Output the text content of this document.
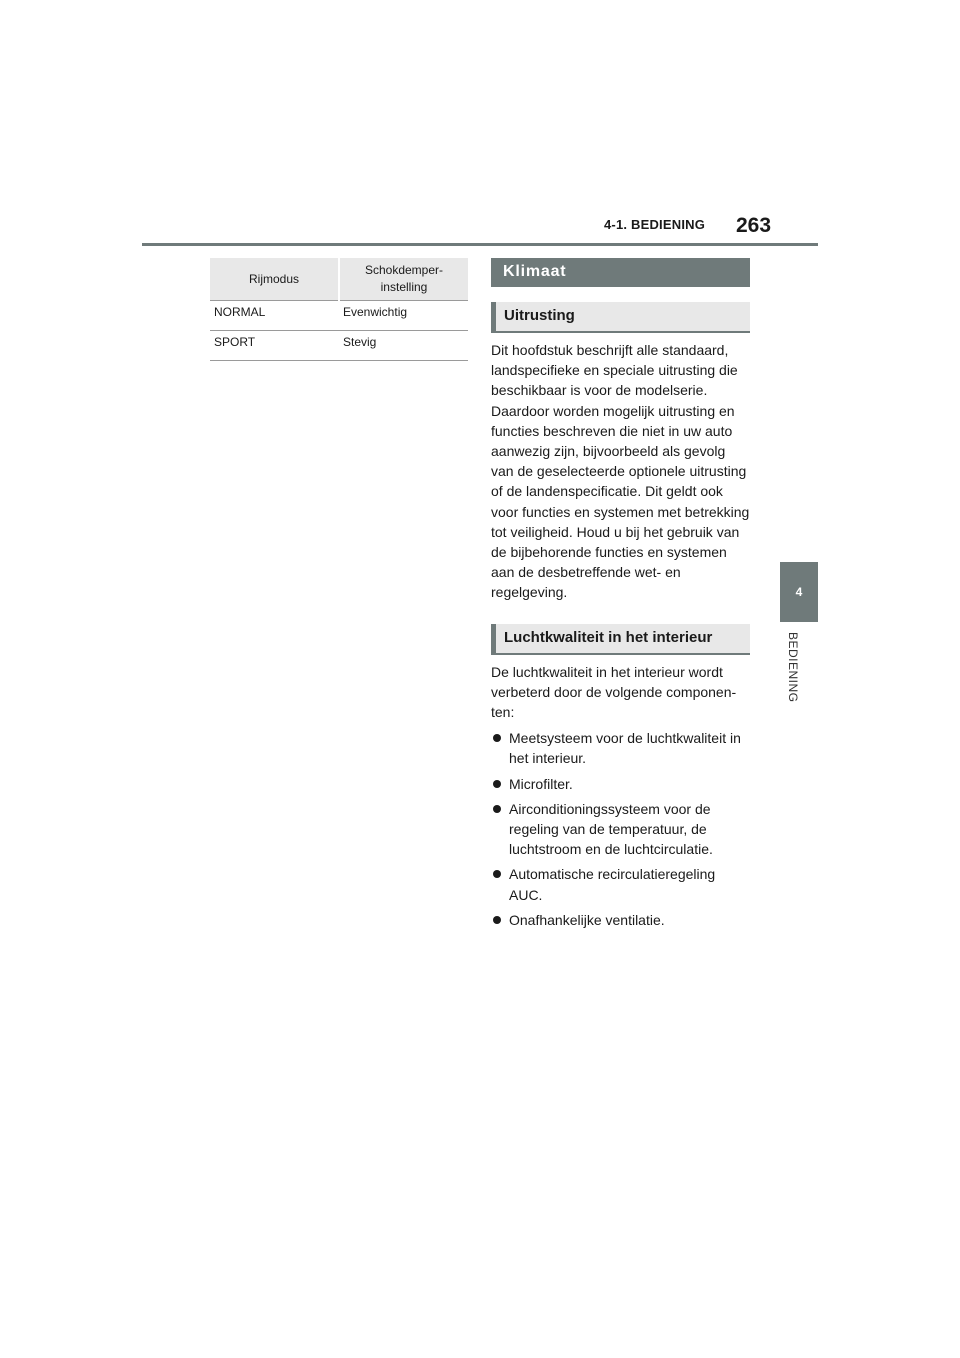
4-1. BEDIENING 263
4
BEDIENING
Rijmodus	Schokdemper-
instelling
NORMAL	Evenwichtig
SPORT	Stevig
Klimaat
Uitrusting

Dit hoofdstuk beschrijft alle standaard, landspecifieke en speciale uitrusting die beschikbaar is voor de modelserie. Daardoor worden mogelijk uitrusting en functies beschreven die niet in uw auto aanwezig zijn, bijvoorbeeld als gevolg van de geselecteerde optionele uitrusting of de landenspecificatie. Dit geldt ook voor functies en systemen met betrekking tot veiligheid. Houd u bij het gebruik van de bijbehorende functies en systemen aan de desbetreffende wet- en regelgeving.

Luchtkwaliteit in het interieur

De luchtkwaliteit in het interieur wordt verbeterd door de volgende componenten:

Meetsysteem voor de luchtkwaliteit in het interieur.
Microfilter.
Airconditioningssysteem voor de regeling van de temperatuur, de luchtstroom en de luchtcirculatie.
Automatische recirculatieregeling AUC.
Onafhankelijke ventilatie.
